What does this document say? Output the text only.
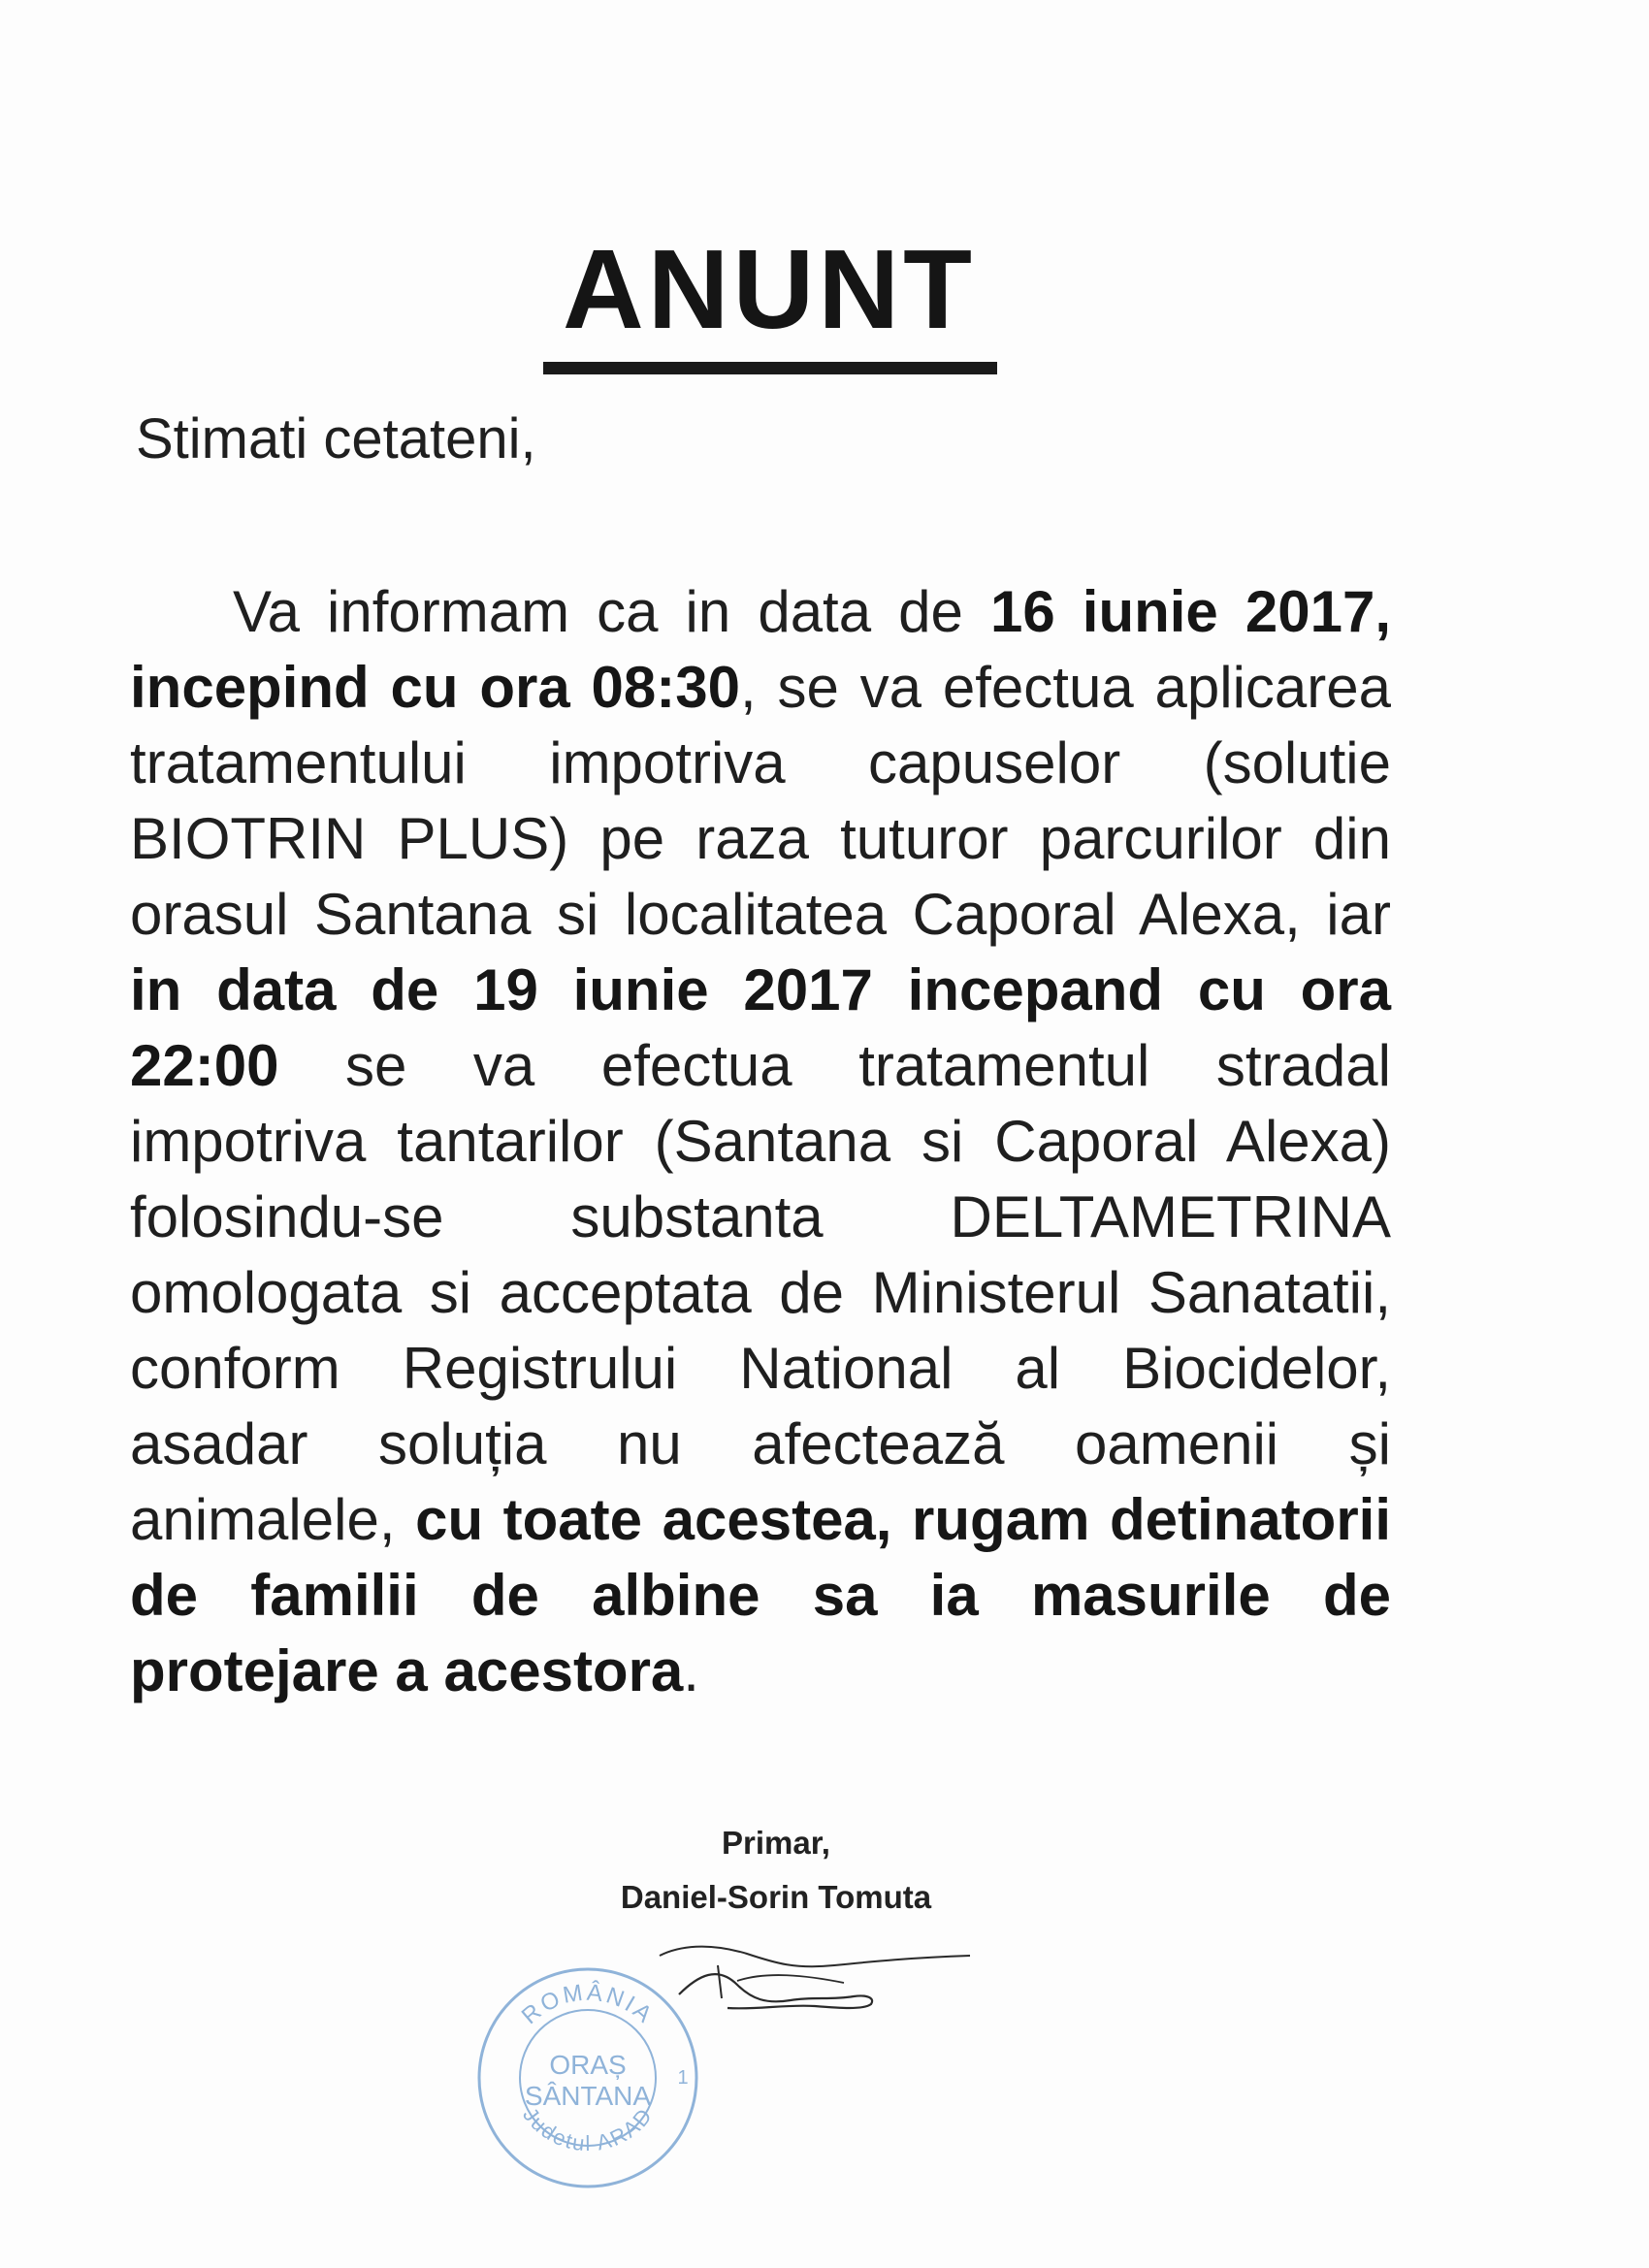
ANUNT
Stimati cetateni,

Va informam ca in data de 16 iunie 2017, incepind cu ora 08:30, se va efectua aplicarea tratamentului impotriva capuselor (solutie BIOTRIN PLUS) pe raza tuturor parcurilor din orasul Santana si localitatea Caporal Alexa, iar in data de 19 iunie 2017 incepand cu ora 22:00 se va efectua tratamentul stradal impotriva tantarilor (Santana si Caporal Alexa) folosindu-se substanta DELTAMETRINA omologata si acceptata de Ministerul Sanatatii, conform Registrului National al Biocidelor, asadar soluția nu afectează oamenii și animalele, cu toate acestea, rugam detinatorii de familii de albine sa ia masurile de protejare a acestora.

Primar,
Daniel-Sorin Tomuta
ROMÂNIA
ORAȘ
SÂNTANA
Judetul ARAD
1
